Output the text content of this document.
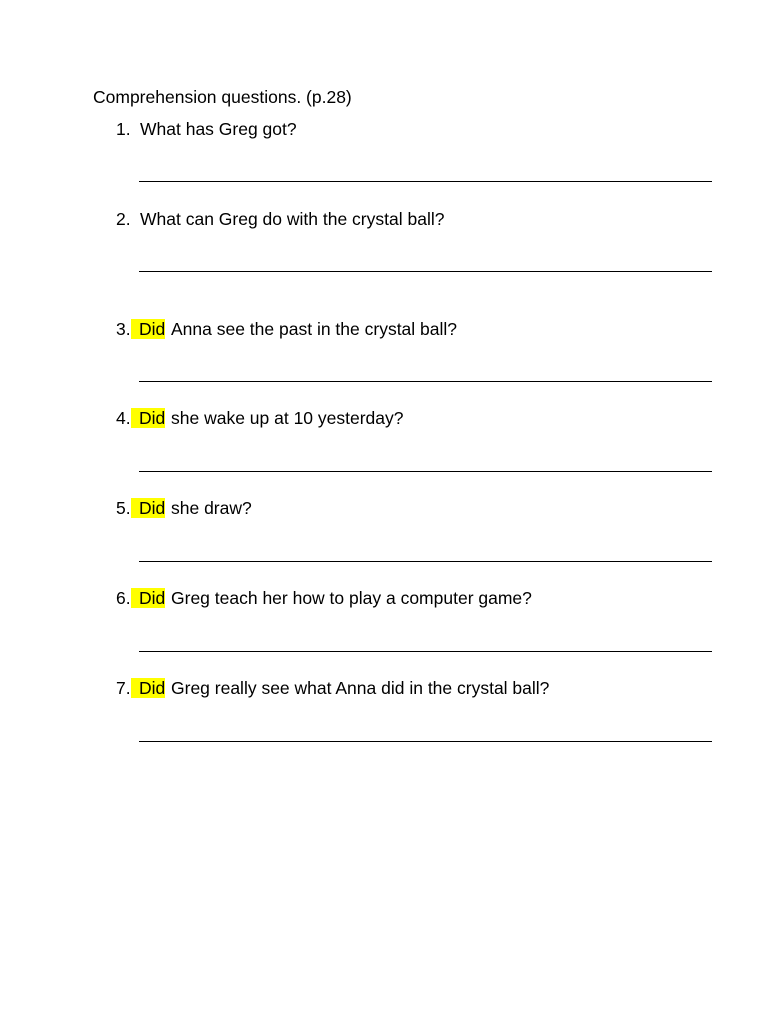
Comprehension questions. (p.28)
1. What has Greg got?
2. What can Greg do with the crystal ball?
3. Did Anna see the past in the crystal ball?
4. Did she wake up at 10 yesterday?
5. Did she draw?
6. Did Greg teach her how to play a computer game?
7. Did Greg really see what Anna did in the crystal ball?
